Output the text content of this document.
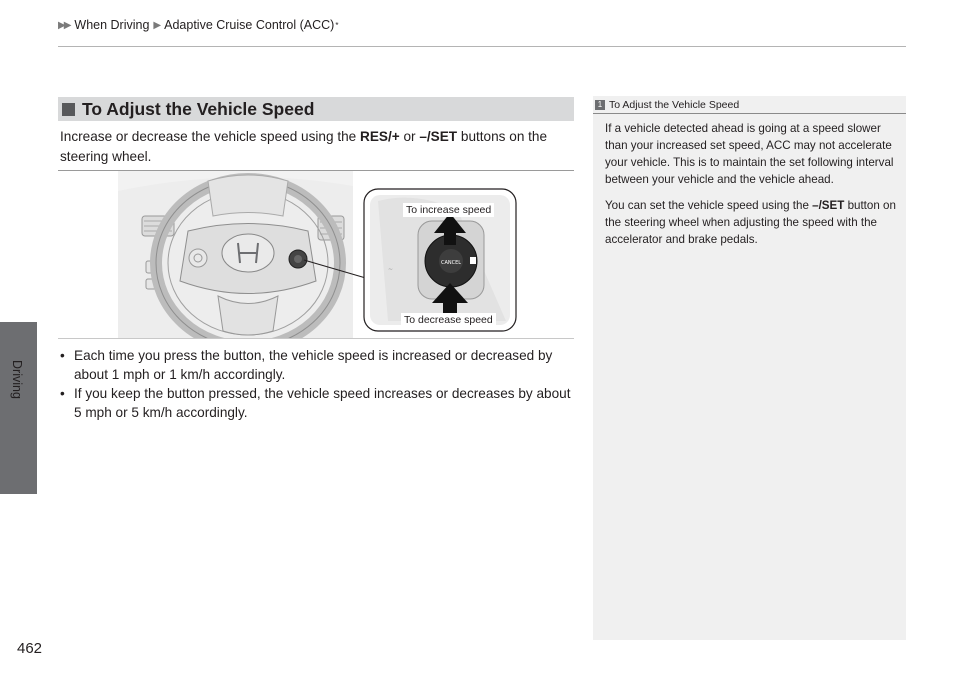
▶▶ When Driving ▶ Adaptive Cruise Control (ACC) *
Driving
To Adjust the Vehicle Speed
Increase or decrease the vehicle speed using the RES/+ or –/SET buttons on the steering wheel.
CANCEL
~
To increase speed
To decrease speed
• Each time you press the button, the vehicle speed is increased or decreased by about 1 mph or 1 km/h accordingly.
• If you keep the button pressed, the vehicle speed increases or decreases by about 5 mph or 5 km/h accordingly.
1 To Adjust the Vehicle Speed

If a vehicle detected ahead is going at a speed slower than your increased set speed, ACC may not accelerate your vehicle. This is to maintain the set following interval between your vehicle and the vehicle ahead.

You can set the vehicle speed using the –/SET button on the steering wheel when adjusting the speed with the accelerator and brake pedals.

462
